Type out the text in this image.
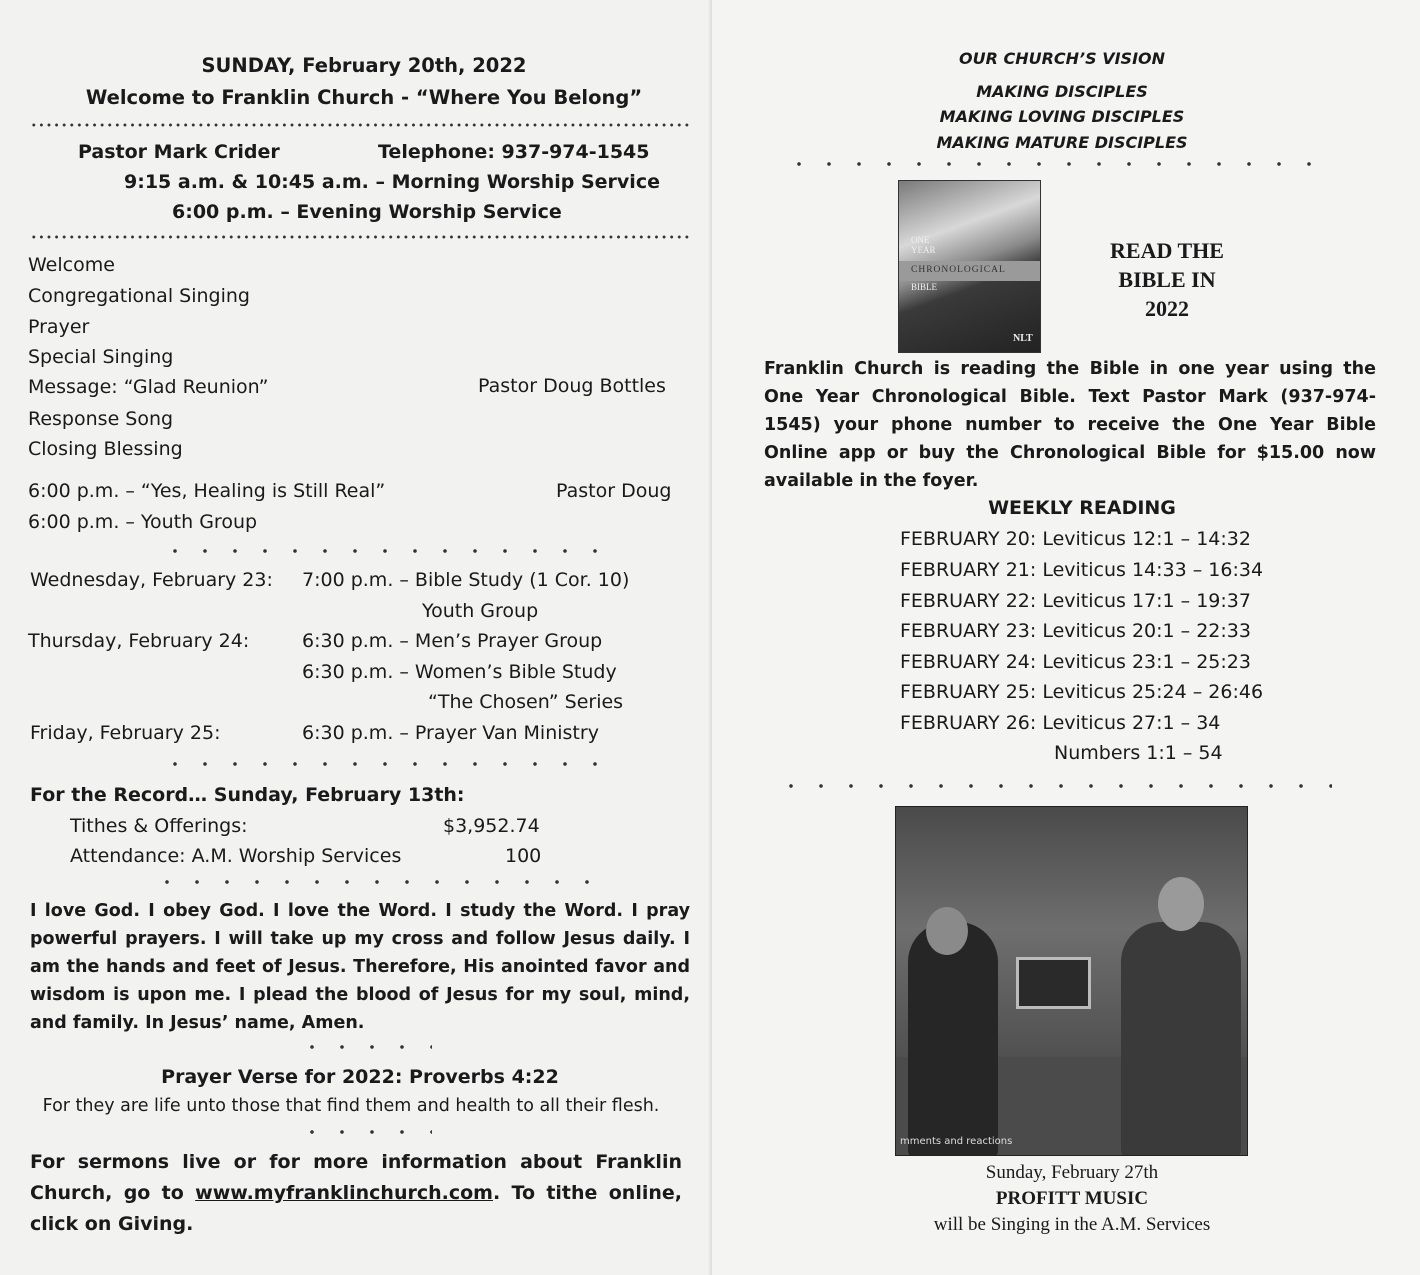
SUNDAY, February 20th, 2022
Welcome to Franklin Church - “Where You Belong”
Pastor Mark Crider	Telephone: 937-974-1545
9:15 a.m. & 10:45 a.m. – Morning Worship Service
6:00 p.m. – Evening Worship Service
Welcome
Congregational Singing
Prayer
Special Singing
Message: “Glad Reunion”	Pastor Doug Bottles
Response Song
Closing Blessing
6:00 p.m. – “Yes, Healing is Still Real”	Pastor Doug
6:00 p.m. – Youth Group
Wednesday, February 23: 7:00 p.m. – Bible Study (1 Cor. 10)
Youth Group
Thursday, February 24:	6:30 p.m. – Men’s Prayer Group
6:30 p.m. – Women’s Bible Study
“The Chosen” Series
Friday, February 25:	6:30 p.m. – Prayer Van Ministry
For the Record… Sunday, February 13th:
Tithes & Offerings:	$3,952.74
Attendance: A.M. Worship Services	100
I love God. I obey God. I love the Word. I study the Word. I pray powerful prayers. I will take up my cross and follow Jesus daily. I am the hands and feet of Jesus. Therefore, His anointed favor and wisdom is upon me. I plead the blood of Jesus for my soul, mind, and family. In Jesus’ name, Amen.
Prayer Verse for 2022: Proverbs 4:22
For they are life unto those that find them and health to all their flesh.
For sermons live or for more information about Franklin Church, go to www.myfranklinchurch.com. To tithe online, click on Giving.
OUR CHURCH’S VISION
MAKING DISCIPLES
MAKING LOVING DISCIPLES
MAKING MATURE DISCIPLES
READ THE
BIBLE IN
2022
Franklin Church is reading the Bible in one year using the One Year Chronological Bible. Text Pastor Mark (937-974-1545) your phone number to receive the One Year Bible Online app or buy the Chronological Bible for $15.00 now available in the foyer.
WEEKLY READING
FEBRUARY 20: Leviticus 12:1 – 14:32
FEBRUARY 21: Leviticus 14:33 – 16:34
FEBRUARY 22: Leviticus 17:1 – 19:37
FEBRUARY 23: Leviticus 20:1 – 22:33
FEBRUARY 24: Leviticus 23:1 – 25:23
FEBRUARY 25: Leviticus 25:24 – 26:46
FEBRUARY 26: Leviticus 27:1 – 34
Numbers 1:1 – 54
Sunday, February 27th
PROFITT MUSIC
will be Singing in the A.M. Services
ONE
YEAR
CHRONOLOGICAL
BIBLE
NLT
mments and reactions
